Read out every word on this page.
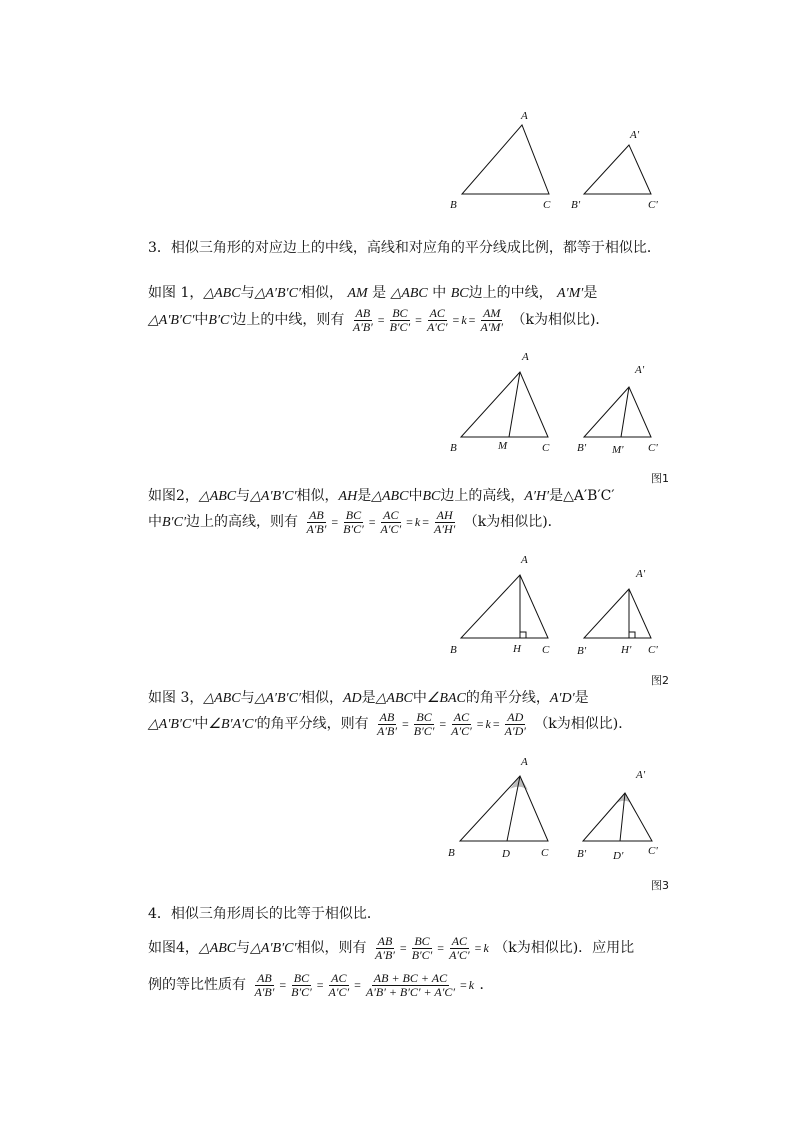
A
B	C
A'
B'	C'
3．相似三角形的对应边上的中线，高线和对应角的平分线成比例，都等于相似比．
如图 1，△ABC与△A′B′C′相似， AM 是 △ABC 中 BC边上的中线， A′M′是
△A′B′C′中B′C′边上的中线，则有 $\frac{AB}{A'B'} = \frac{BC}{B'C'} = \frac{AC}{A'C'} = k = \frac{AM}{A'M'} (k$为相似比)．
A
B	C
M
A'
B'	C'
M'
图1
如图2，△ABC与△A′B′C′相似，AH是△ABC中BC边上的高线，A′H′是△A′B′C′
中B′C′边上的高线，则有 $\frac{AB}{A'B'} = \frac{BC}{B'C'} = \frac{AC}{A'C'} = k = \frac{AH}{A'H'} (k$为相似比)．
A
B	C
H
A'
B'	C'
H'
图2
如图 3，△ABC与△A′B′C′相似，AD是△ABC中∠BAC的角平分线，A′D′是
△A′B′C′中∠B′A′C′的角平分线，则有 $\frac{AB}{A'B'} = \frac{BC}{B'C'} = \frac{AC}{A'C'} = k = \frac{AD}{A'D'} (k$为相似比)．
A
B	C
D
A'
B'	C'
D'
图3
4．相似三角形周长的比等于相似比．
如图4，△ABC与△A′B′C′相似，则有 $\frac{AB}{A'B'} = \frac{BC}{B'C'} = \frac{AC}{A'C'} = k$ （k为相似比)．应用比
例的等比性质有 $\frac{AB}{A'B'} = \frac{BC}{B'C'} = \frac{AC}{A'C'} = \frac{AB + BC + AC}{A'B' + B'C' + A'C'} = k$ ．
